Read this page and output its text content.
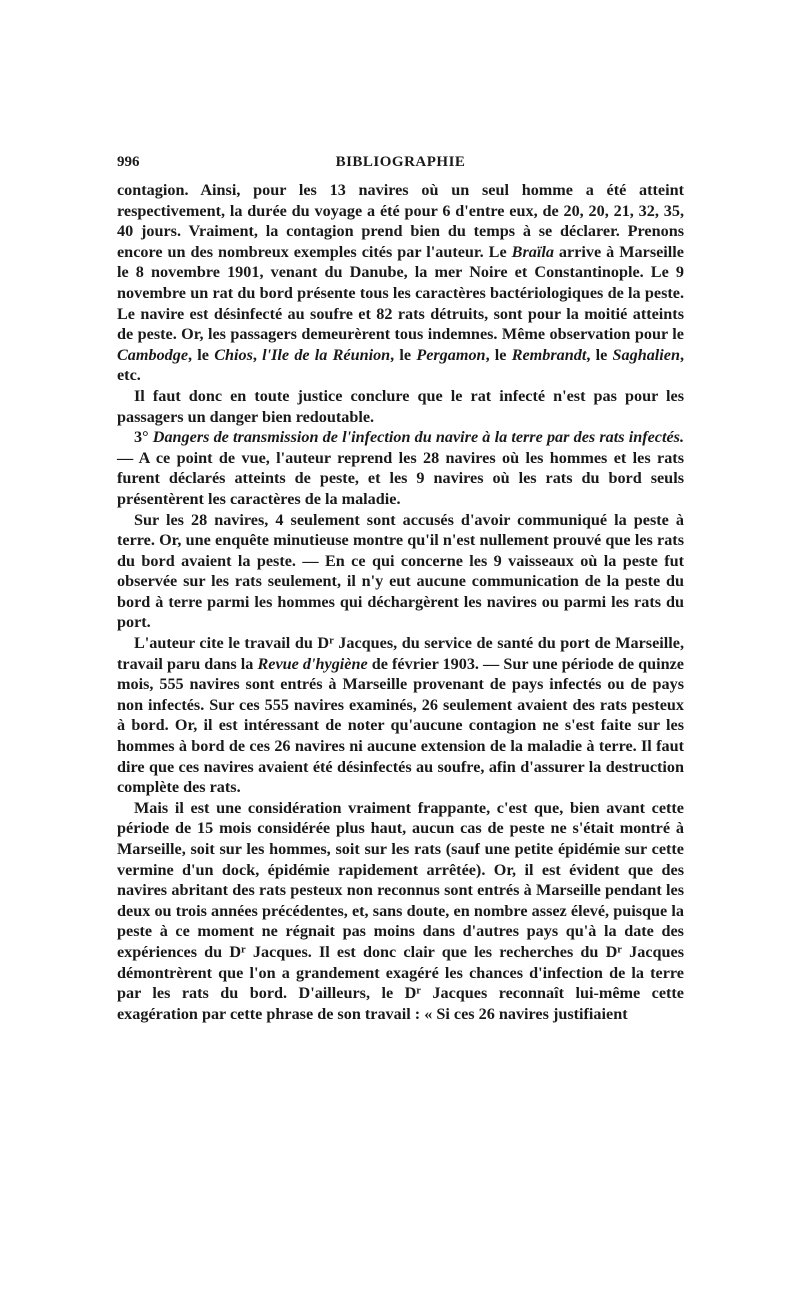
996	BIBLIOGRAPHIE

contagion. Ainsi, pour les 13 navires où un seul homme a été atteint respectivement, la durée du voyage a été pour 6 d'entre eux, de 20, 20, 21, 32, 35, 40 jours. Vraiment, la contagion prend bien du temps à se déclarer. Prenons encore un des nombreux exemples cités par l'auteur. Le Braïla arrive à Marseille le 8 novembre 1901, venant du Danube, la mer Noire et Constantinople. Le 9 novembre un rat du bord présente tous les caractères bactériologiques de la peste. Le navire est désinfecté au soufre et 82 rats détruits, sont pour la moitié atteints de peste. Or, les passagers demeurèrent tous indemnes. Même observation pour le Cambodge, le Chios, l'Ile de la Réunion, le Pergamon, le Rembrandt, le Saghalien, etc.

Il faut donc en toute justice conclure que le rat infecté n'est pas pour les passagers un danger bien redoutable.

3° Dangers de transmission de l'infection du navire à la terre par des rats infectés. — A ce point de vue, l'auteur reprend les 28 navires où les hommes et les rats furent déclarés atteints de peste, et les 9 navires où les rats du bord seuls présentèrent les caractères de la maladie.

Sur les 28 navires, 4 seulement sont accusés d'avoir communiqué la peste à terre. Or, une enquête minutieuse montre qu'il n'est nullement prouvé que les rats du bord avaient la peste. — En ce qui concerne les 9 vaisseaux où la peste fut observée sur les rats seulement, il n'y eut aucune communication de la peste du bord à terre parmi les hommes qui déchargèrent les navires ou parmi les rats du port.

L'auteur cite le travail du $D^r$ Jacques, du service de santé du port de Marseille, travail paru dans la Revue d'hygiène de février 1903. — Sur une période de quinze mois, 555 navires sont entrés à Marseille provenant de pays infectés ou de pays non infectés. Sur ces 555 navires examinés, 26 seulement avaient des rats pesteux à bord. Or, il est intéressant de noter qu'aucune contagion ne s'est faite sur les hommes à bord de ces 26 navires ni aucune extension de la maladie à terre. Il faut dire que ces navires avaient été désinfectés au soufre, afin d'assurer la destruction complète des rats.

Mais il est une considération vraiment frappante, c'est que, bien avant cette période de 15 mois considérée plus haut, aucun cas de peste ne s'était montré à Marseille, soit sur les hommes, soit sur les rats (sauf une petite épidémie sur cette vermine d'un dock, épidémie rapidement arrêtée). Or, il est évident que des navires abritant des rats pesteux non reconnus sont entrés à Marseille pendant les deux ou trois années précédentes, et, sans doute, en nombre assez élevé, puisque la peste à ce moment ne régnait pas moins dans d'autres pays qu'à la date des expériences du $D^r$ Jacques. Il est donc clair que les recherches du $D^r$ Jacques démontrèrent que l'on a grandement exagéré les chances d'infection de la terre par les rats du bord. D'ailleurs, le $D^r$ Jacques reconnaît lui-même cette exagération par cette phrase de son travail : « Si ces 26 navires justifiaient
